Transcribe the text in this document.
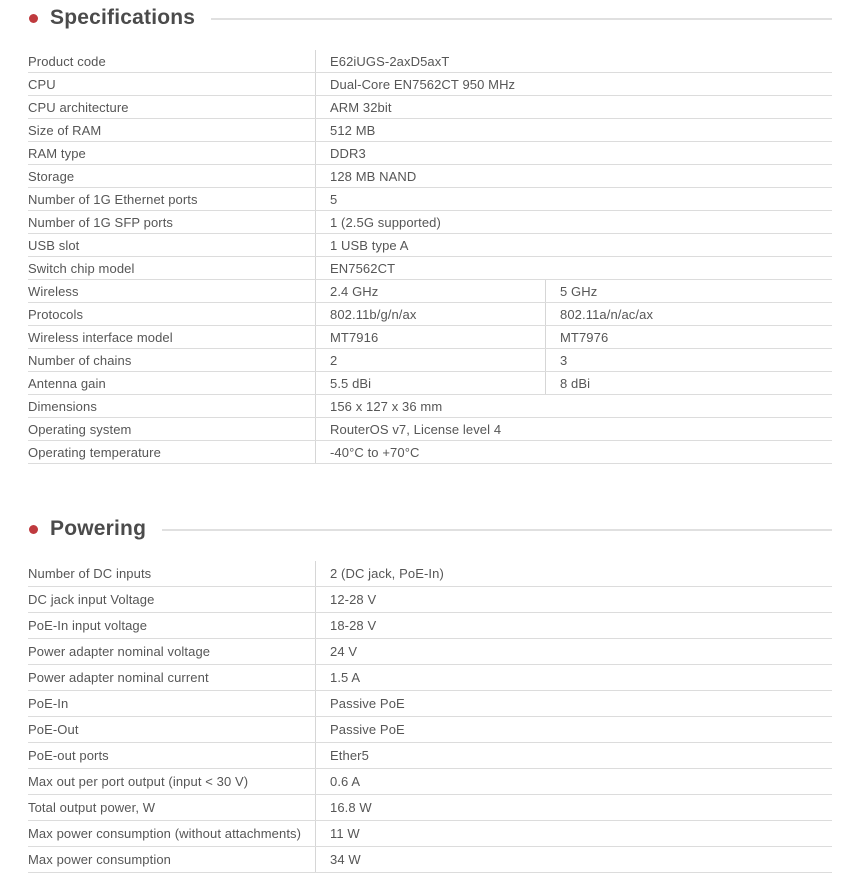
Specifications
Product code	E62iUGS-2axD5axT
CPU	Dual-Core EN7562CT 950 MHz
CPU architecture	ARM 32bit
Size of RAM	512 MB
RAM type	DDR3
Storage	128 MB NAND
Number of 1G Ethernet ports	5
Number of 1G SFP ports	1 (2.5G supported)
USB slot	1 USB type A
Switch chip model	EN7562CT
Wireless	2.4 GHz	5 GHz
Protocols	802.11b/g/n/ax	802.11a/n/ac/ax
Wireless interface model	MT7916	MT7976
Number of chains	2	3
Antenna gain	5.5 dBi	8 dBi
Dimensions	156 x 127 x 36 mm
Operating system	RouterOS v7, License level 4
Operating temperature	-40°C to +70°C
Powering
Number of DC inputs	2 (DC jack, PoE-In)
DC jack input Voltage	12-28 V
PoE-In input voltage	18-28 V
Power adapter nominal voltage	24 V
Power adapter nominal current	1.5 A
PoE-In	Passive PoE
PoE-Out	Passive PoE
PoE-out ports	Ether5
Max out per port output (input < 30 V)	0.6 A
Total output power, W	16.8 W
Max power consumption (without attachments)	11 W
Max power consumption	34 W
